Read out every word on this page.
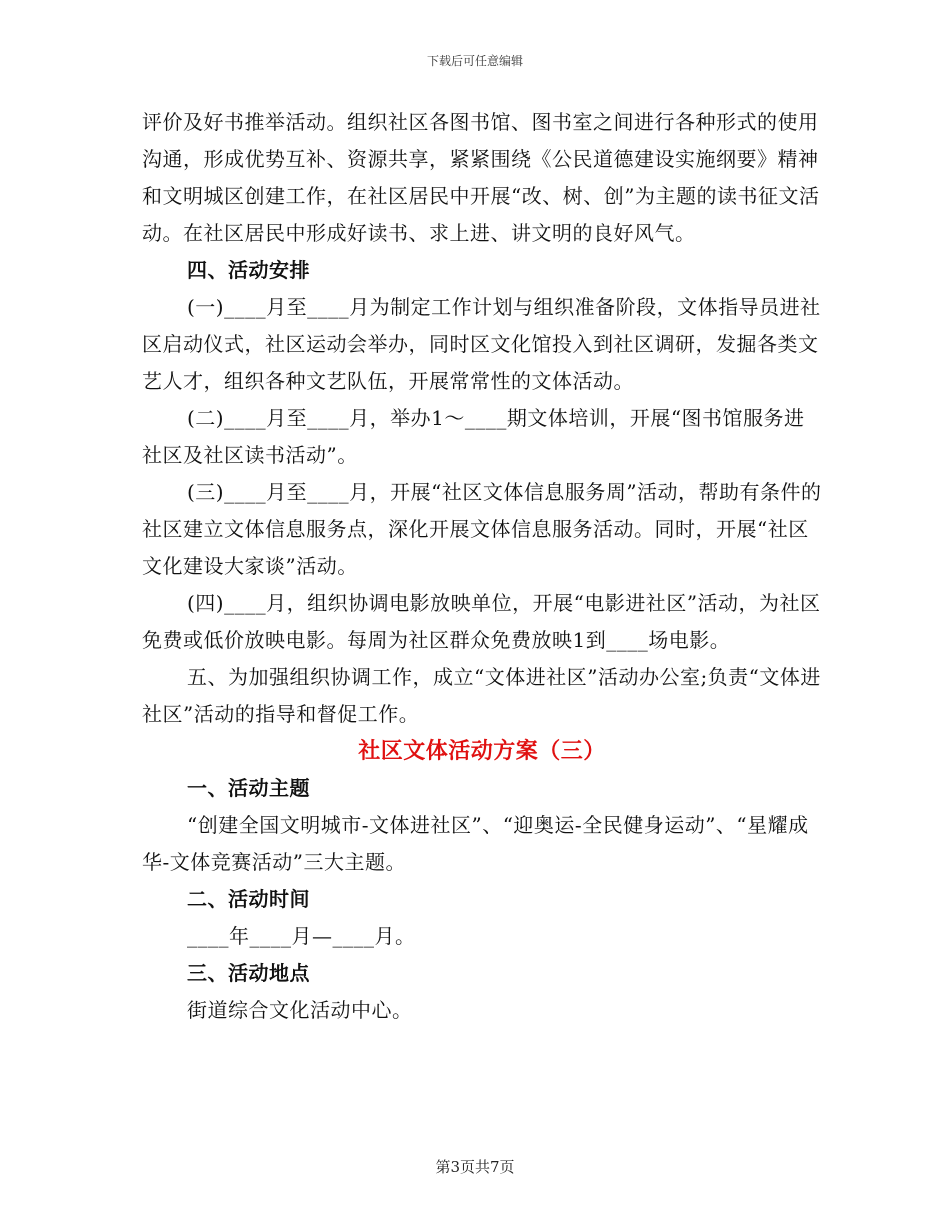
下载后可任意编辑

评价及好书推举活动。组织社区各图书馆、图书室之间进行各种形式的使用沟通，形成优势互补、资源共享，紧紧围绕《公民道德建设实施纲要》精神和文明城区创建工作，在社区居民中开展“改、树、创”为主题的读书征文活动。在社区居民中形成好读书、求上进、讲文明的良好风气。

四、活动安排

(一)____月至____月为制定工作计划与组织准备阶段，文体指导员进社区启动仪式，社区运动会举办，同时区文化馆投入到社区调研，发掘各类文艺人才，组织各种文艺队伍，开展常常性的文体活动。

(二)____月至____月，举办1～____期文体培训，开展“图书馆服务进社区及社区读书活动”。

(三)____月至____月，开展“社区文体信息服务周”活动，帮助有条件的社区建立文体信息服务点，深化开展文体信息服务活动。同时，开展“社区文化建设大家谈”活动。

(四)____月，组织协调电影放映单位，开展“电影进社区”活动，为社区免费或低价放映电影。每周为社区群众免费放映1到____场电影。

五、为加强组织协调工作，成立“文体进社区”活动办公室;负责“文体进社区”活动的指导和督促工作。

社区文体活动方案（三）

一、活动主题

“创建全国文明城市-文体进社区”、“迎奥运-全民健身运动”、“星耀成华-文体竞赛活动”三大主题。

二、活动时间

____年____月—____月。

三、活动地点

街道综合文化活动中心。

第3页共7页
